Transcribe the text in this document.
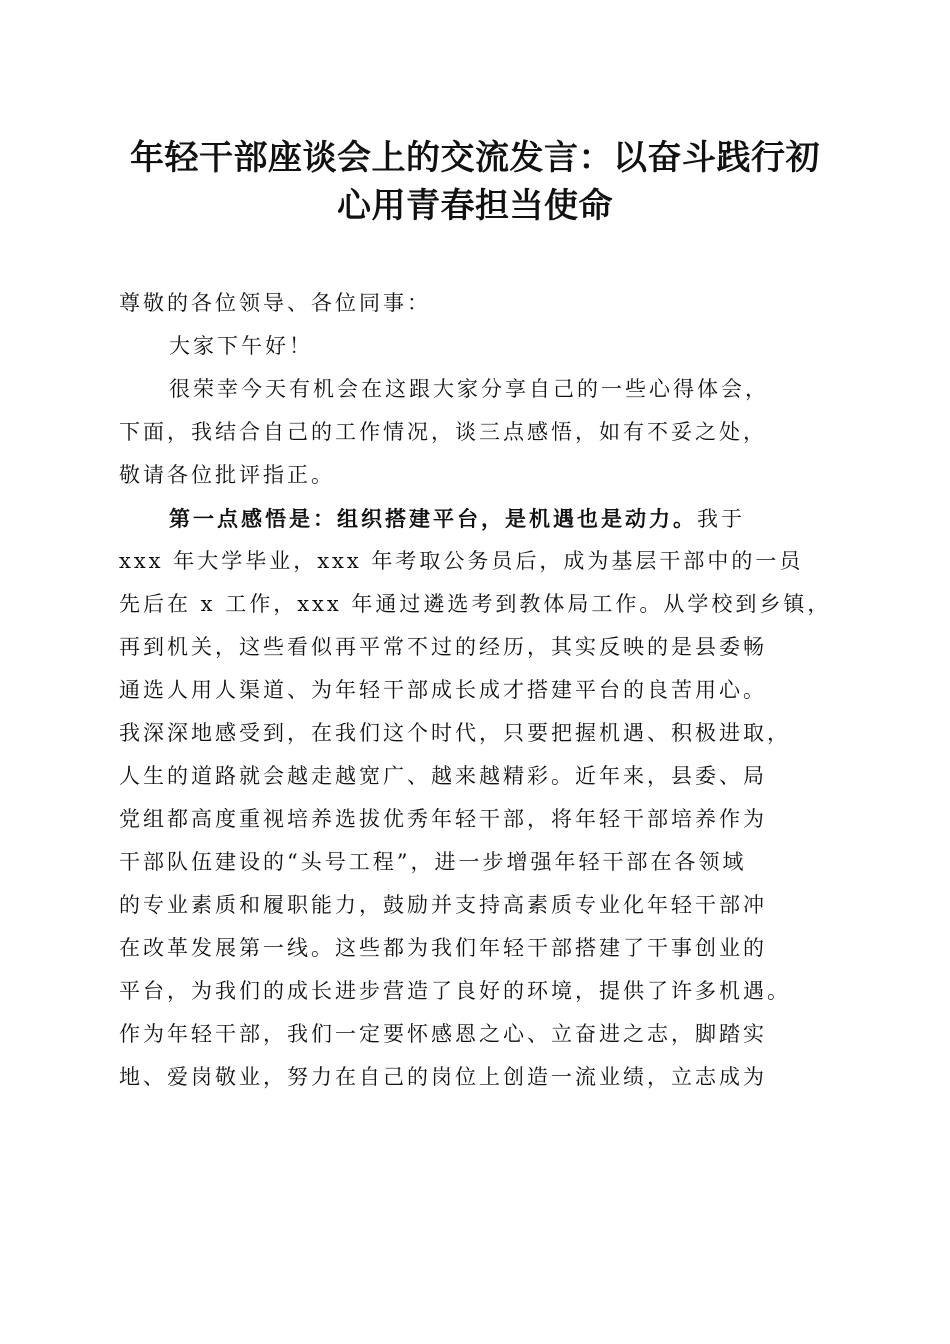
年轻干部座谈会上的交流发言：以奋斗践行初
心用青春担当使命
尊敬的各位领导、各位同事：
大家下午好！
很荣幸今天有机会在这跟大家分享自己的一些心得体会，
下面，我结合自己的工作情况，谈三点感悟，如有不妥之处，
敬请各位批评指正。
第一点感悟是：组织搭建平台，是机遇也是动力。我于
xxx 年大学毕业，xxx 年考取公务员后，成为基层干部中的一员
先后在 x 工作，xxx 年通过遴选考到教体局工作。从学校到乡镇，
再到机关，这些看似再平常不过的经历，其实反映的是县委畅
通选人用人渠道、为年轻干部成长成才搭建平台的良苦用心。
我深深地感受到，在我们这个时代，只要把握机遇、积极进取，
人生的道路就会越走越宽广、越来越精彩。近年来，县委、局
党组都高度重视培养选拔优秀年轻干部，将年轻干部培养作为
干部队伍建设的“头号工程”，进一步增强年轻干部在各领域
的专业素质和履职能力，鼓励并支持高素质专业化年轻干部冲
在改革发展第一线。这些都为我们年轻干部搭建了干事创业的
平台，为我们的成长进步营造了良好的环境，提供了许多机遇。
作为年轻干部，我们一定要怀感恩之心、立奋进之志，脚踏实
地、爱岗敬业，努力在自己的岗位上创造一流业绩，立志成为
